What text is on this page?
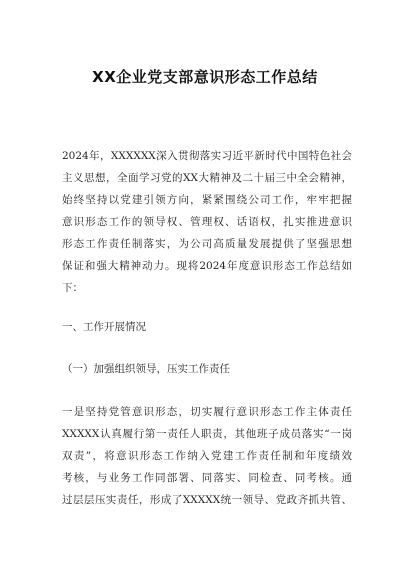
XX企业党支部意识形态工作总结
2024年，XXXXXX深入贯彻落实习近平新时代中国特色社会
主义思想，全面学习党的XX大精神及二十届三中全会精神，
始终坚持以党建引领方向，紧紧围绕公司工作，牢牢把握
意识形态工作的领导权、管理权、话语权，扎实推进意识
形态工作责任制落实，为公司高质量发展提供了坚强思想
保证和强大精神动力。现将2024年度意识形态工作总结如
下：
一、工作开展情况
（一）加强组织领导，压实工作责任
一是坚持党管意识形态，切实履行意识形态工作主体责任
XXXXX认真履行第一责任人职责，其他班子成员落实“一岗
双责”，将意识形态工作纳入党建工作责任制和年度绩效
考核，与业务工作同部署、同落实、同检查、同考核。通
过层层压实责任，形成了XXXXX统一领导、党政齐抓共管、
